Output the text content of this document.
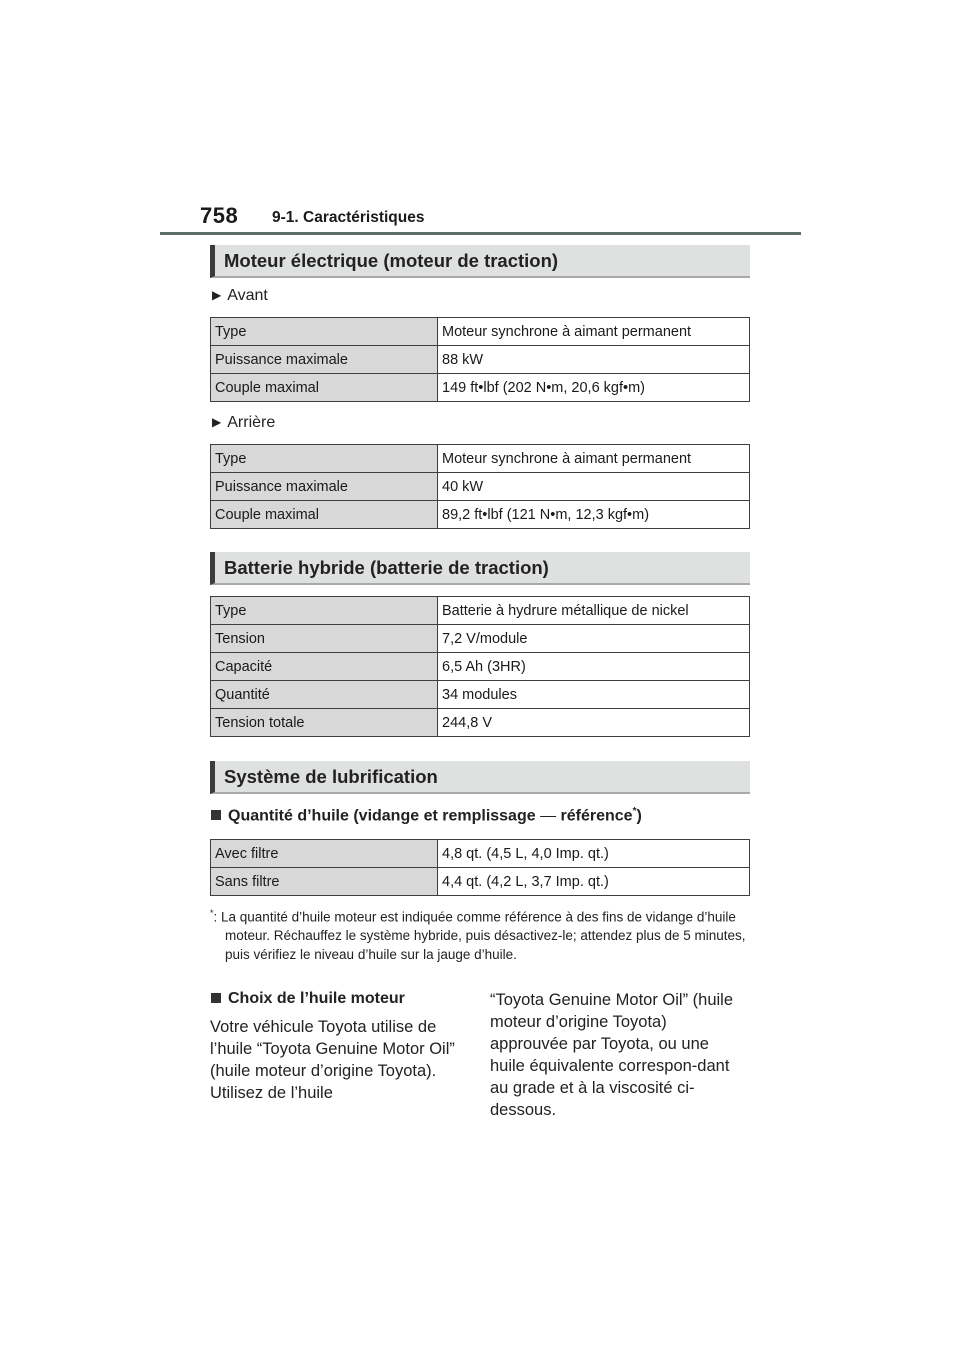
758 9-1. Caractéristiques
Moteur électrique (moteur de traction)
▶ Avant
Type	Moteur synchrone à aimant permanent
Puissance maximale	88 kW
Couple maximal	149 ft•lbf (202 N•m, 20,6 kgf•m)
▶ Arrière
Type	Moteur synchrone à aimant permanent
Puissance maximale	40 kW
Couple maximal	89,2 ft•lbf (121 N•m, 12,3 kgf•m)
Batterie hybride (batterie de traction)
Type	Batterie à hydrure métallique de nickel
Tension	7,2 V/module
Capacité	6,5 Ah (3HR)
Quantité	34 modules
Tension totale	244,8 V
Système de lubrification
Quantité d’huile (vidange et remplissage — référence*)
Avec filtre	4,8 qt. (4,5 L, 4,0 Imp. qt.)
Sans filtre	4,4 qt. (4,2 L, 3,7 Imp. qt.)

*: La quantité d’huile moteur est indiquée comme référence à des fins de vidange d’huile moteur. Réchauffez le système hybride, puis désactivez-le; attendez plus de 5 minutes, puis vérifiez le niveau d’huile sur la jauge d’huile.

Choix de l’huile moteur

Votre véhicule Toyota utilise de l’huile “Toyota Genuine Motor Oil” (huile moteur d’origine Toyota). Utilisez de l’huile

“Toyota Genuine Motor Oil” (huile moteur d’origine Toyota) approuvée par Toyota, ou une huile équivalente correspon-dant au grade et à la viscosité ci-dessous.
